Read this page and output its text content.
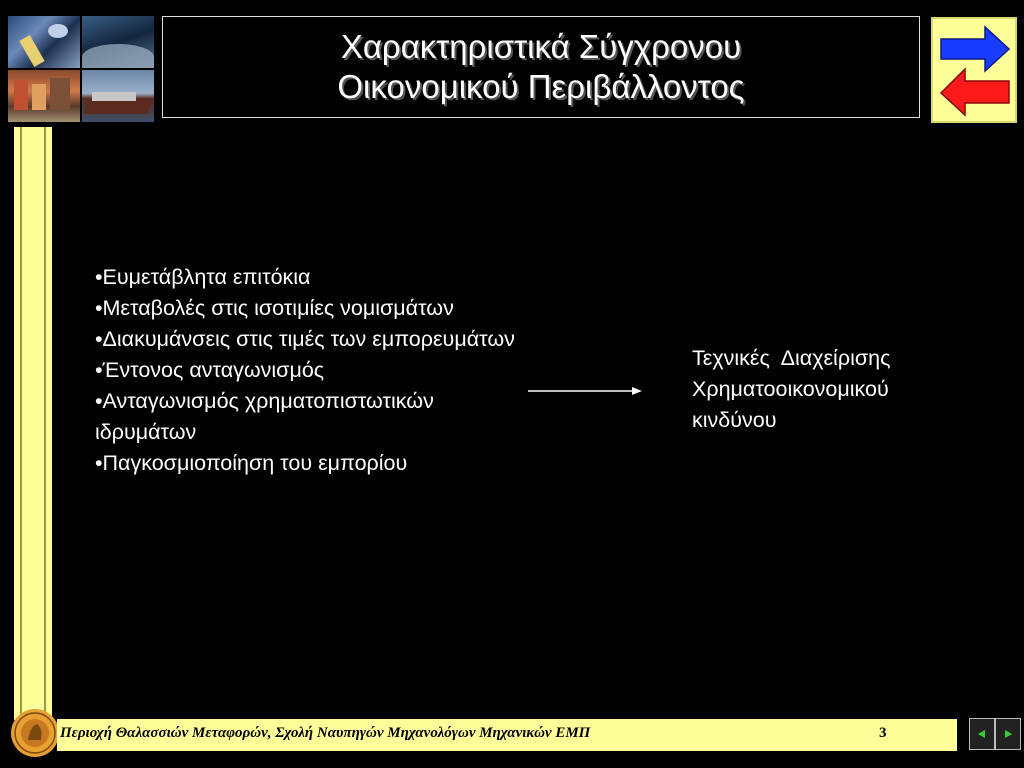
Χαρακτηριστικά Σύγχρονου
Οικονομικού Περιβάλλοντος
•Ευμετάβλητα επιτόκια
•Μεταβολές στις ισοτιμίες νομισμάτων
•Διακυμάνσεις στις τιμές των εμπορευμάτων
•Έντονος ανταγωνισμός
•Ανταγωνισμός χρηματοπιστωτικών ιδρυμάτων
•Παγκοσμιοποίηση του εμπορίου
Τεχνικές  Διαχείρισης Χρηματοοικονομικού κινδύνου
Περιοχή Θαλασσιών Μεταφορών, Σχολή Ναυπηγών Μηχανολόγων Μηχανικών ΕΜΠ	3
